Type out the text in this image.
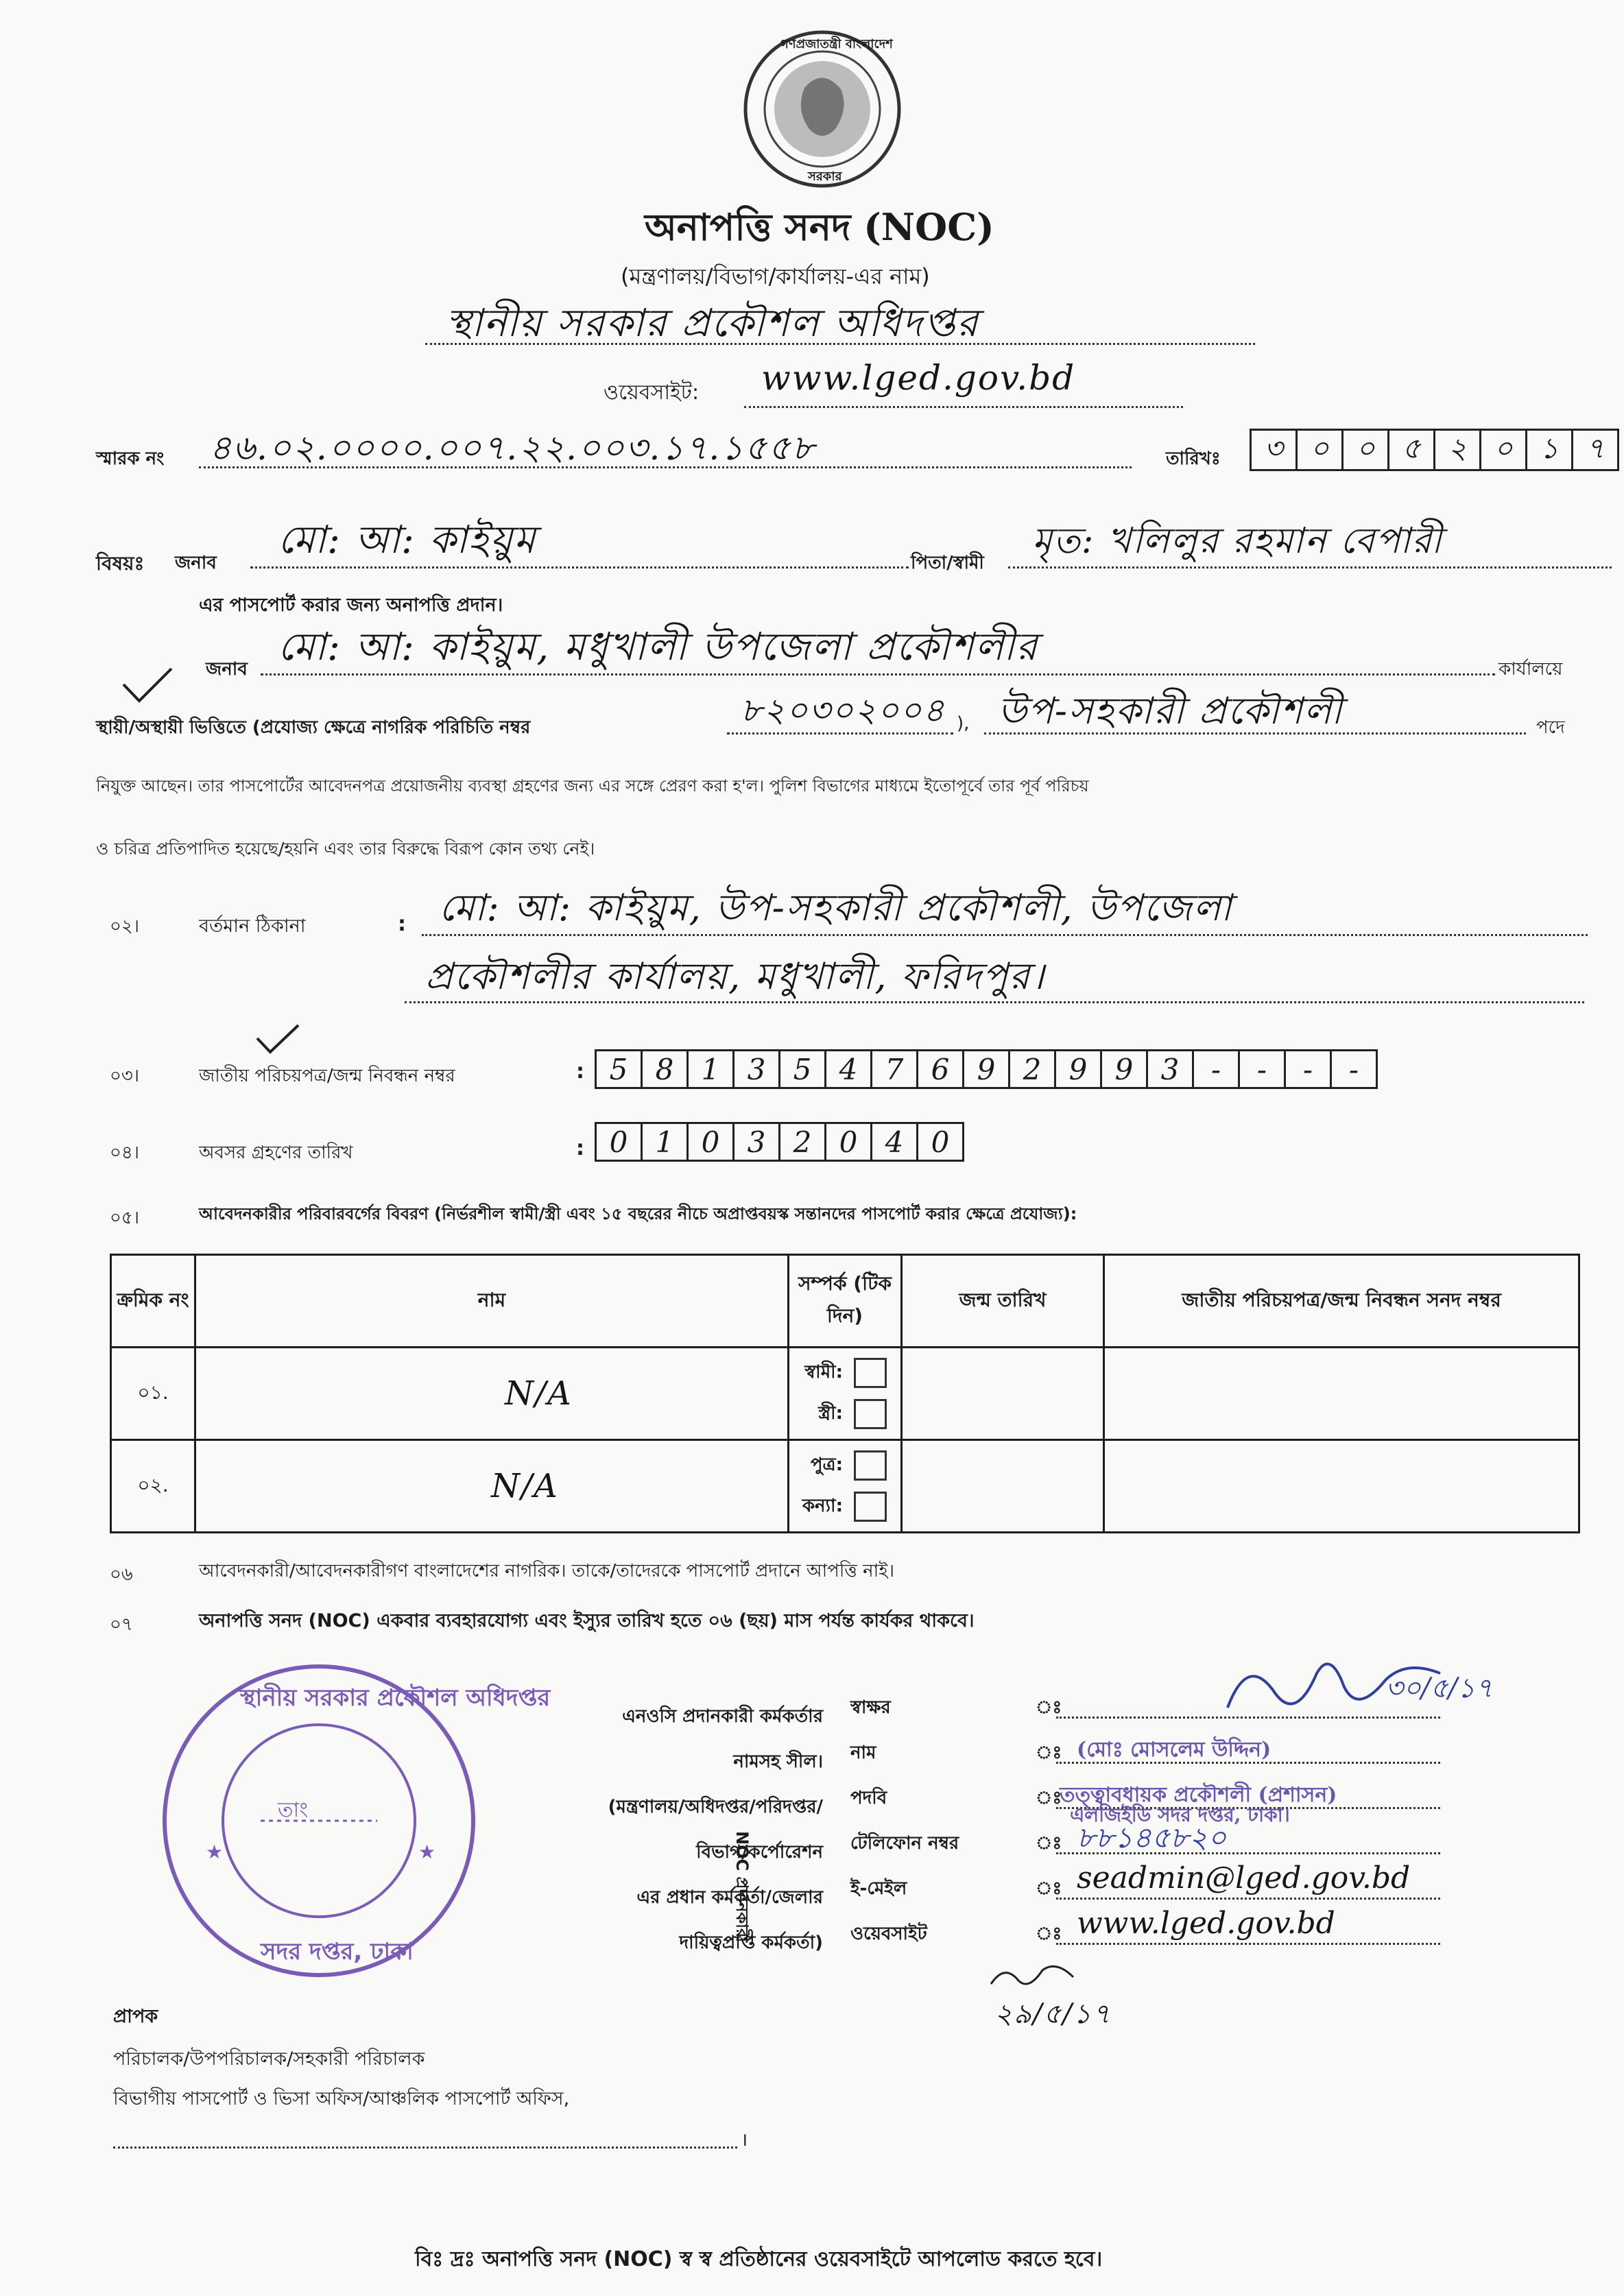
গণপ্রজাতন্ত্রী বাংলাদেশ
সরকার
অনাপত্তি সনদ (NOC)
(মন্ত্রণালয়/বিভাগ/কার্যালয়-এর নাম)
স্থানীয় সরকার প্রকৌশল অধিদপ্তর
ওয়েবসাইট: www.lged.gov.bd
স্মারক নং ৪৬.০২.০০০০.০০৭.২২.০০৩.১৭.১৫৫৮	তারিখঃ	৩ ০ ০ ৫ ২ ০ ১ ৭
বিষয়ঃ জনাব
মো: আ: কাইয়ুম
পিতা/স্বামী
মৃত: খলিলুর রহমান বেপারী
এর পাসপোর্ট করার জন্য অনাপত্তি প্রদান।
জনাব মো: আ: কাইয়ুম, মধুখালী উপজেলা প্রকৌশলীর	কার্যালয়ে
স্থায়ী/অস্থায়ী ভিত্তিতে (প্রযোজ্য ক্ষেত্রে নাগরিক পরিচিতি নম্বর	৮২০৩০২০০৪ ), উপ-সহকারী প্রকৌশলী	পদে
নিযুক্ত আছেন। তার পাসপোর্টের আবেদনপত্র প্রয়োজনীয় ব্যবস্থা গ্রহণের জন্য এর সঙ্গে প্রেরণ করা হ'ল। পুলিশ বিভাগের মাধ্যমে ইতোপূর্বে তার পূর্ব পরিচয়
ও চরিত্র প্রতিপাদিত হয়েছে/হয়নি এবং তার বিরুদ্ধে বিরূপ কোন তথ্য নেই।
০২।	বর্তমান ঠিকানা	: মো: আ: কাইয়ুম, উপ-সহকারী প্রকৌশলী, উপজেলা
প্রকৌশলীর কার্যালয়, মধুখালী, ফরিদপুর।
০৩।	জাতীয় পরিচয়পত্র/জন্ম নিবন্ধন নম্বর	: 5 8 1 3 5 4 7 6 9 2 9 9 3	-	-	-	-
০৪।	অবসর গ্রহণের তারিখ	: 0 1 0 3 2 0 4 0
০৫।	আবেদনকারীর পরিবারবর্গের বিবরণ (নির্ভরশীল স্বামী/স্ত্রী এবং ১৫ বছরের নীচে অপ্রাপ্তবয়স্ক সন্তানদের পাসপোর্ট করার ক্ষেত্রে প্রযোজ্য):
ক্রমিক নং	নাম	সম্পর্ক (টিক দিন)	জন্ম তারিখ	জাতীয় পরিচয়পত্র/জন্ম নিবন্ধন সনদ নম্বর
০১.	N/A	স্বামী:
স্ত্রী:		

০২.	N/A	পুত্র:
কন্যা:		

০৬	আবেদনকারী/আবেদনকারীগণ বাংলাদেশের নাগরিক। তাকে/তাদেরকে পাসপোর্ট প্রদানে আপত্তি নাই।
০৭	অনাপত্তি সনদ (NOC) একবার ব্যবহারযোগ্য এবং ইস্যুর তারিখ হতে ০৬ (ছয়) মাস পর্যন্ত কার্যকর থাকবে।
★	★
স্থানীয় সরকার প্রকৌশল অধিদপ্তর
সদর দপ্তর, ঢাকা
তাং
এনওসি প্রদানকারী কর্মকর্তার
নামসহ সীল।
(মন্ত্রণালয়/অধিদপ্তর/পরিদপ্তর/
বিভাগ/কর্পোরেশন
এর প্রধান কর্মকর্তা/জেলার
দায়িত্বপ্রাপ্ত কর্মকর্তা)
NOC প্রদানকারী
স্বাক্ষর	ঃ
নাম	ঃ (মোঃ মোসলেম উদ্দিন)
পদবি	ঃ
তত্ত্বাবধায়ক প্রকৌশলী (প্রশাসন)
টেলিফোন নম্বর	ঃ ৮৮১৪৫৮২০
ই-মেইল	ঃ seadmin@lged.gov.bd
ওয়েবসাইট	ঃ www.lged.gov.bd
৩০/৫/১৭
এলজিইডি সদর দপ্তর, ঢাকা।
২৯/৫/১৭
প্রাপক
পরিচালক/উপপরিচালক/সহকারী পরিচালক
বিভাগীয় পাসপোর্ট ও ভিসা অফিস/আঞ্চলিক পাসপোর্ট অফিস,
।
বিঃ দ্রঃ অনাপত্তি সনদ (NOC) স্ব স্ব প্রতিষ্ঠানের ওয়েবসাইটে আপলোড করতে হবে।
